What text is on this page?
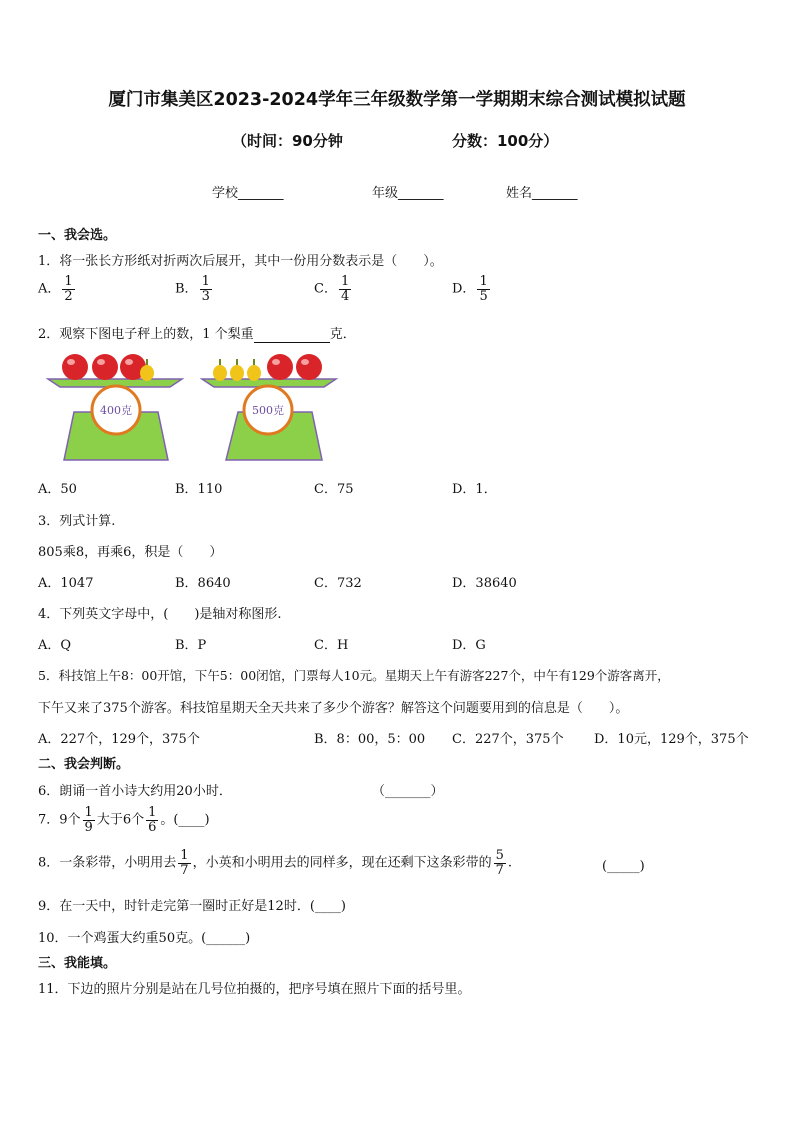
厦门市集美区2023-2024学年三年级数学第一学期期末综合测试模拟试题
（时间：90分钟	分数：100分）
学校_______	年级_______	姓名_______
一、我会选。
1．将一张长方形纸对折两次后展开，其中一份用分数表示是（　　）。
A． $\frac{1}{2}$	B． $\frac{1}{3}$	C． $\frac{1}{4}$	D． $\frac{1}{5}$
2．观察下图电子秤上的数，1 个梨重	克．
400克	500克
A．50	B．110	C．75	D．1．
3．列式计算.
805乘8，再乘6，积是（　　）
A．1047	B．8640	C．732	D．38640
4．下列英文字母中，(　　)是轴对称图形.
A．Q	B．P	C．H	D．G
5．科技馆上午8：00开馆，下午5：00闭馆，门票每人10元。星期天上午有游客227个，中午有129个游客离开，
下午又来了375个游客。科技馆星期天全天共来了多少个游客？解答这个问题要用到的信息是（　　）。
A．227个，129个，375个	B．8：00，5：00 C．227个，375个 D．10元，129个，375个
二、我会判断。
6．朗诵一首小诗大约用20小时．	（_______）
7．9个 $\frac{1}{9}$ 大于6个 $\frac{1}{6}$ 。(____)
8．一条彩带，小明用去 $\frac{1}{7}$ ，小英和小明用去的同样多，现在还剩下这条彩带的 $\frac{5}{7}$ .	(_____)
9．在一天中，时针走完第一圈时正好是12时．(____)
10．一个鸡蛋大约重50克。(______)
三、我能填。
11．下边的照片分别是站在几号位拍摄的，把序号填在照片下面的括号里。
